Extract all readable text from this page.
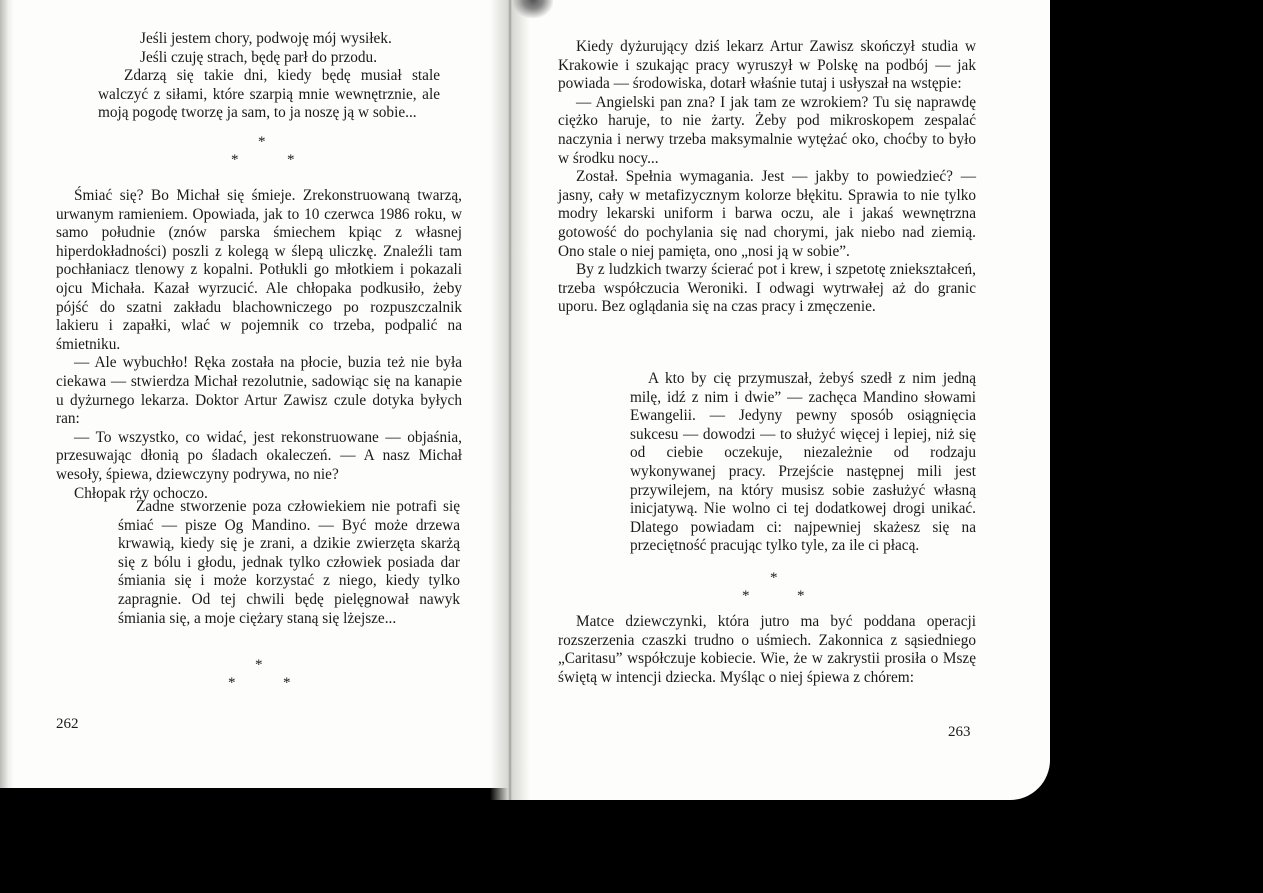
Jeśli jestem chory, podwoję mój wysiłek.

Jeśli czuję strach, będę parł do przodu.

Zdarzą się takie dni, kiedy będę musiał stale walczyć z siłami, które szarpią mnie wewnętrznie, ale moją pogodę tworzę ja sam, to ja noszę ją w sobie...

*
*	*

Śmiać się? Bo Michał się śmieje. Zrekonstruowaną twarzą, urwanym ramieniem. Opowiada, jak to 10 czerwca 1986 roku, w samo południe (znów parska śmiechem kpiąc z własnej hiperdokładności) poszli z kolegą w ślepą uliczkę. Znaleźli tam pochłaniacz tlenowy z kopalni. Potłukli go młotkiem i pokazali ojcu Michała. Kazał wyrzucić. Ale chłopaka podkusiło, żeby pójść do szatni zakładu blachowniczego po rozpuszczalnik lakieru i zapałki, wlać w pojemnik co trzeba, podpalić na śmietniku.

— Ale wybuchło! Ręka została na płocie, buzia też nie była ciekawa — stwierdza Michał rezolutnie, sadowiąc się na kanapie u dyżurnego lekarza. Doktor Artur Zawisz czule dotyka byłych ran:

— To wszystko, co widać, jest rekonstruowane — objaśnia, przesuwając dłonią po śladach okaleczeń. — A nasz Michał wesoły, śpiewa, dziewczyny podrywa, no nie?

Chłopak rży ochoczo.

Żadne stworzenie poza człowiekiem nie potrafi się śmiać — pisze Og Mandino. — Być może drzewa krwawią, kiedy się je zrani, a dzikie zwierzęta skarżą się z bólu i głodu, jednak tylko człowiek posiada dar śmiania się i może korzystać z niego, kiedy tylko zapragnie. Od tej chwili będę pielęgnował nawyk śmiania się, a moje ciężary staną się lżejsze...

*
*	*
262

Kiedy dyżurujący dziś lekarz Artur Zawisz skończył studia w Krakowie i szukając pracy wyruszył w Polskę na podbój — jak powiada — środowiska, dotarł właśnie tutaj i usłyszał na wstępie:

— Angielski pan zna? I jak tam ze wzrokiem? Tu się naprawdę ciężko haruje, to nie żarty. Żeby pod mikroskopem zespalać naczynia i nerwy trzeba maksymalnie wytężać oko, choćby to było w środku nocy...

Został. Spełnia wymagania. Jest — jakby to powiedzieć? — jasny, cały w metafizycznym kolorze błękitu. Sprawia to nie tylko modry lekarski uniform i barwa oczu, ale i jakaś wewnętrzna gotowość do pochylania się nad chorymi, jak niebo nad ziemią. Ono stale o niej pamięta, ono „nosi ją w sobie”.

By z ludzkich twarzy ścierać pot i krew, i szpetotę zniekształceń, trzeba współczucia Weroniki. I odwagi wytrwałej aż do granic uporu. Bez oglądania się na czas pracy i zmęczenie.

A kto by cię przymuszał, żebyś szedł z nim jedną milę, idź z nim i dwie” — zachęca Mandino słowami Ewangelii. — Jedyny pewny sposób osiągnięcia sukcesu — dowodzi — to służyć więcej i lepiej, niż się od ciebie oczekuje, niezależnie od rodzaju wykonywanej pracy. Przejście następnej mili jest przywilejem, na który musisz sobie zasłużyć własną inicjatywą. Nie wolno ci tej dodatkowej drogi unikać. Dlatego powiadam ci: najpewniej skażesz się na przeciętność pracując tylko tyle, za ile ci płacą.

*
*	*

Matce dziewczynki, która jutro ma być poddana operacji rozszerzenia czaszki trudno o uśmiech. Zakonnica z sąsiedniego „Caritasu” współczuje kobiecie. Wie, że w zakrystii prosiła o Mszę świętą w intencji dziecka. Myśląc o niej śpiewa z chórem:

263
